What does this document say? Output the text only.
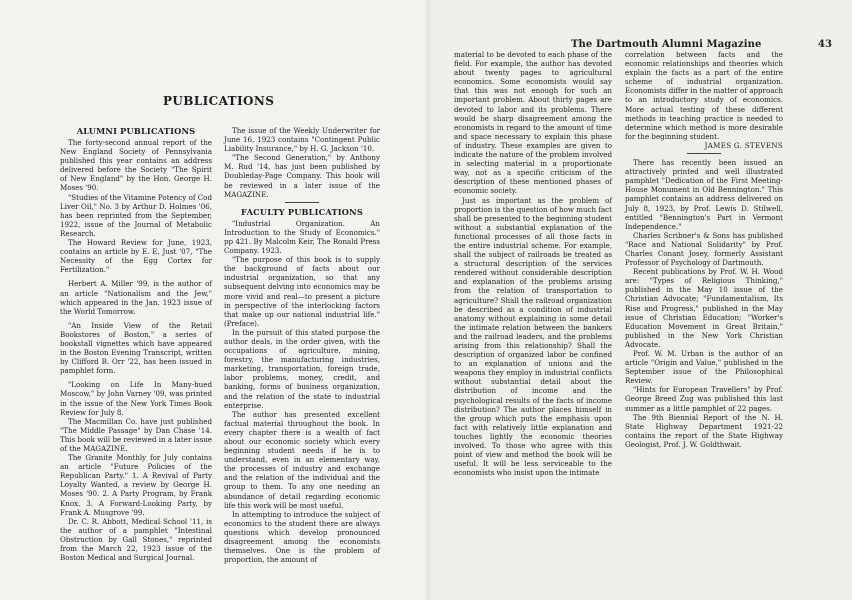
The Dartmouth Alumni Magazine	43
PUBLICATIONS
ALUMNI PUBLICATIONS

The forty-second annual report of the New England Society of Pennsylvania published this year contains an address delivered before the Society "The Spirit of New England" by the Hon. George H. Moses '90.

"Studies of the Vitamine Potency of Cod Liver Oil," No. 3 by Arthur D. Holmes '06, has been reprinted from the September, 1922, issue of the Journal of Metabolic Research.

The Howard Review for June, 1923, contains an article by E. E. Just '07, "The Necessity of the Egg Cortex for Fertilization."

Herbert A. Miller '99, is the author of an article "Nationalism and the Jew," which appeared in the Jan. 1923 issue of the World Tomorrow.

"An Inside View of the Retail Bookstores of Boston," a series of bookstall vignettes which have appeared in the Boston Evening Transcript, written by Clifford B. Orr '22, has been issued in pamphlet form.

"Looking on Life In Many-hued Moscow," by John Varney '09, was printed in the issue of the New York Times Book Review for July 8.

The Macmillan Co. have just published "The Middle Passage" by Dan Chase '14. This book will be reviewed in a later issue of the MAGAZINE.

The Granite Monthly for July contains an article "Future Policies of the Republican Party." 1. A Revival of Party Loyalty Wanted, a review by George H. Moses '90. 2. A Party Program, by Frank Knox. 3. A Forward-Looking Party, by Frank A. Musgrove '99.

Dr. C. R. Abbott, Medical School '11, is the author of a pamphlet "Intestinal Obstruction by Gall Stones," reprinted from the March 22, 1923 issue of the Boston Medical and Surgical Journal.

The issue of the Weekly Underwriter for June 16, 1923 contains "Contingent Public Liability Insurance," by H. G. Jackson '10.

"The Second Generation," by Anthony M. Rud '14, has just been published by Doubleday-Page Company. This book will be reviewed in a later issue of the MAGAZINE.

FACULTY PUBLICATIONS

"Industrial Organization. An Introduction to the Study of Economics." pp 421. By Malcolm Keir, The Ronald Press Company. 1923.

"The purpose of this book is to supply the background of facts about our industrial organization, so that any subsequent delving into economics may be more vivid and real—to present a picture in perspective of the interlocking factors that make up our national industrial life." (Preface).

In the pursuit of this stated purpose the author deals, in the order given, with the occupations of agriculture, mining, forestry, the manufacturing industries, marketing, transportation, foreign trade, labor problems, money, credit, and banking, forms of business organization, and the relation of the state to industrial enterprise.

The author has presented excellent factual material throughout the book. In every chapter there is a wealth of fact about our economic society which every beginning student needs if he is to understand, even in an elementary way, the processes of industry and exchange and the relation of the individual and the group to them. To any one needing an abundance of detail regarding economic life this work will be most useful.

In attempting to introduce the subject of economics to the student there are always questions which develop pronounced disagreement among the economists themselves. One is the problem of proportion, the amount of

material to be devoted to each phase of the field. For example, the author has devoted about twenty pages to agricultural economics. Some economists would say that this was not enough for such an important problem. About thirty pages are devoted to labor and its problems. There would be sharp disagreement among the economists in regard to the amount of time and space necessary to explain this phase of industry. These examples are given to indicate the nature of the problem involved in selecting material in a proportionate way, not as a specific criticism of the description of these mentioned phases of economic society.

Just as important as the problem of proportion is the question of how much fact shall be presented to the beginning student without a substantial explanation of the functional processes of all those facts in the entire industrial scheme. For example, shall the subject of railroads be treated as a structural description of the services rendered without considerable description and explanation of the problems arising from the relation of transportation to agriculture? Shall the railroad organization be described as a condition of industrial anatomy without explaining in some detail the intimate relation between the bankers and the railroad leaders, and the problems arising from this relationship? Shall the description of organized labor be confined to an explanation of unions and the weapons they employ in industrial conflicts without substantial detail about the distribution of income and the psychological results of the facts of income distribution? The author places himself in the group which puts the emphasis upon fact with relatively little explanation and touches lightly the economic theories involved. To those who agree with this point of view and method the book will be useful. It will be less serviceable to the economists who insist upon the intimate

correlation between facts and the economic relationships and theories which explain the facts as a part of the entire scheme of industrial organization. Economists differ in the matter of approach to an introductory study of economics. More actual testing of these different methods in teaching practice is needed to determine which method is more desirable for the beginning student.

JAMES G. STEVENS

There has recently been issued an attractively printed and well illustrated pamphlet "Dedication of the First Meeting-House Monument in Old Bennington." This pamphlet contains an address delivered on July 8, 1923, by Prof. Lewis D. Stilwell, entitled "Bennington's Part in Vermont Independence."

Charles Scribner's & Sons has published "Race and National Solidarity" by Prof. Charles Conant Josey, formerly Assistant Professor of Psychology of Dartmouth.

Recent publications by Prof. W. H. Wood are: "Types of Religious Thinking," published in the May 10 issue of the Christian Advocate; "Fundamentalism, Its Rise and Progress," published in the May issue of Christian Education; "Worker's Education Movement in Great Britain," published in the New York Christian Advocate.

Prof. W. M. Urban is the author of an article "Origin and Value," published in the September issue of the Philosophical Review.

"Hints for European Travellers" by Prof. George Breed Zug was published this last summer as a little pamphlet of 22 pages.

The 9th Biennial Report of the N. H. State Highway Department 1921-22 contains the report of the State Highway Geologist, Prof. J. W. Goldthwait.
